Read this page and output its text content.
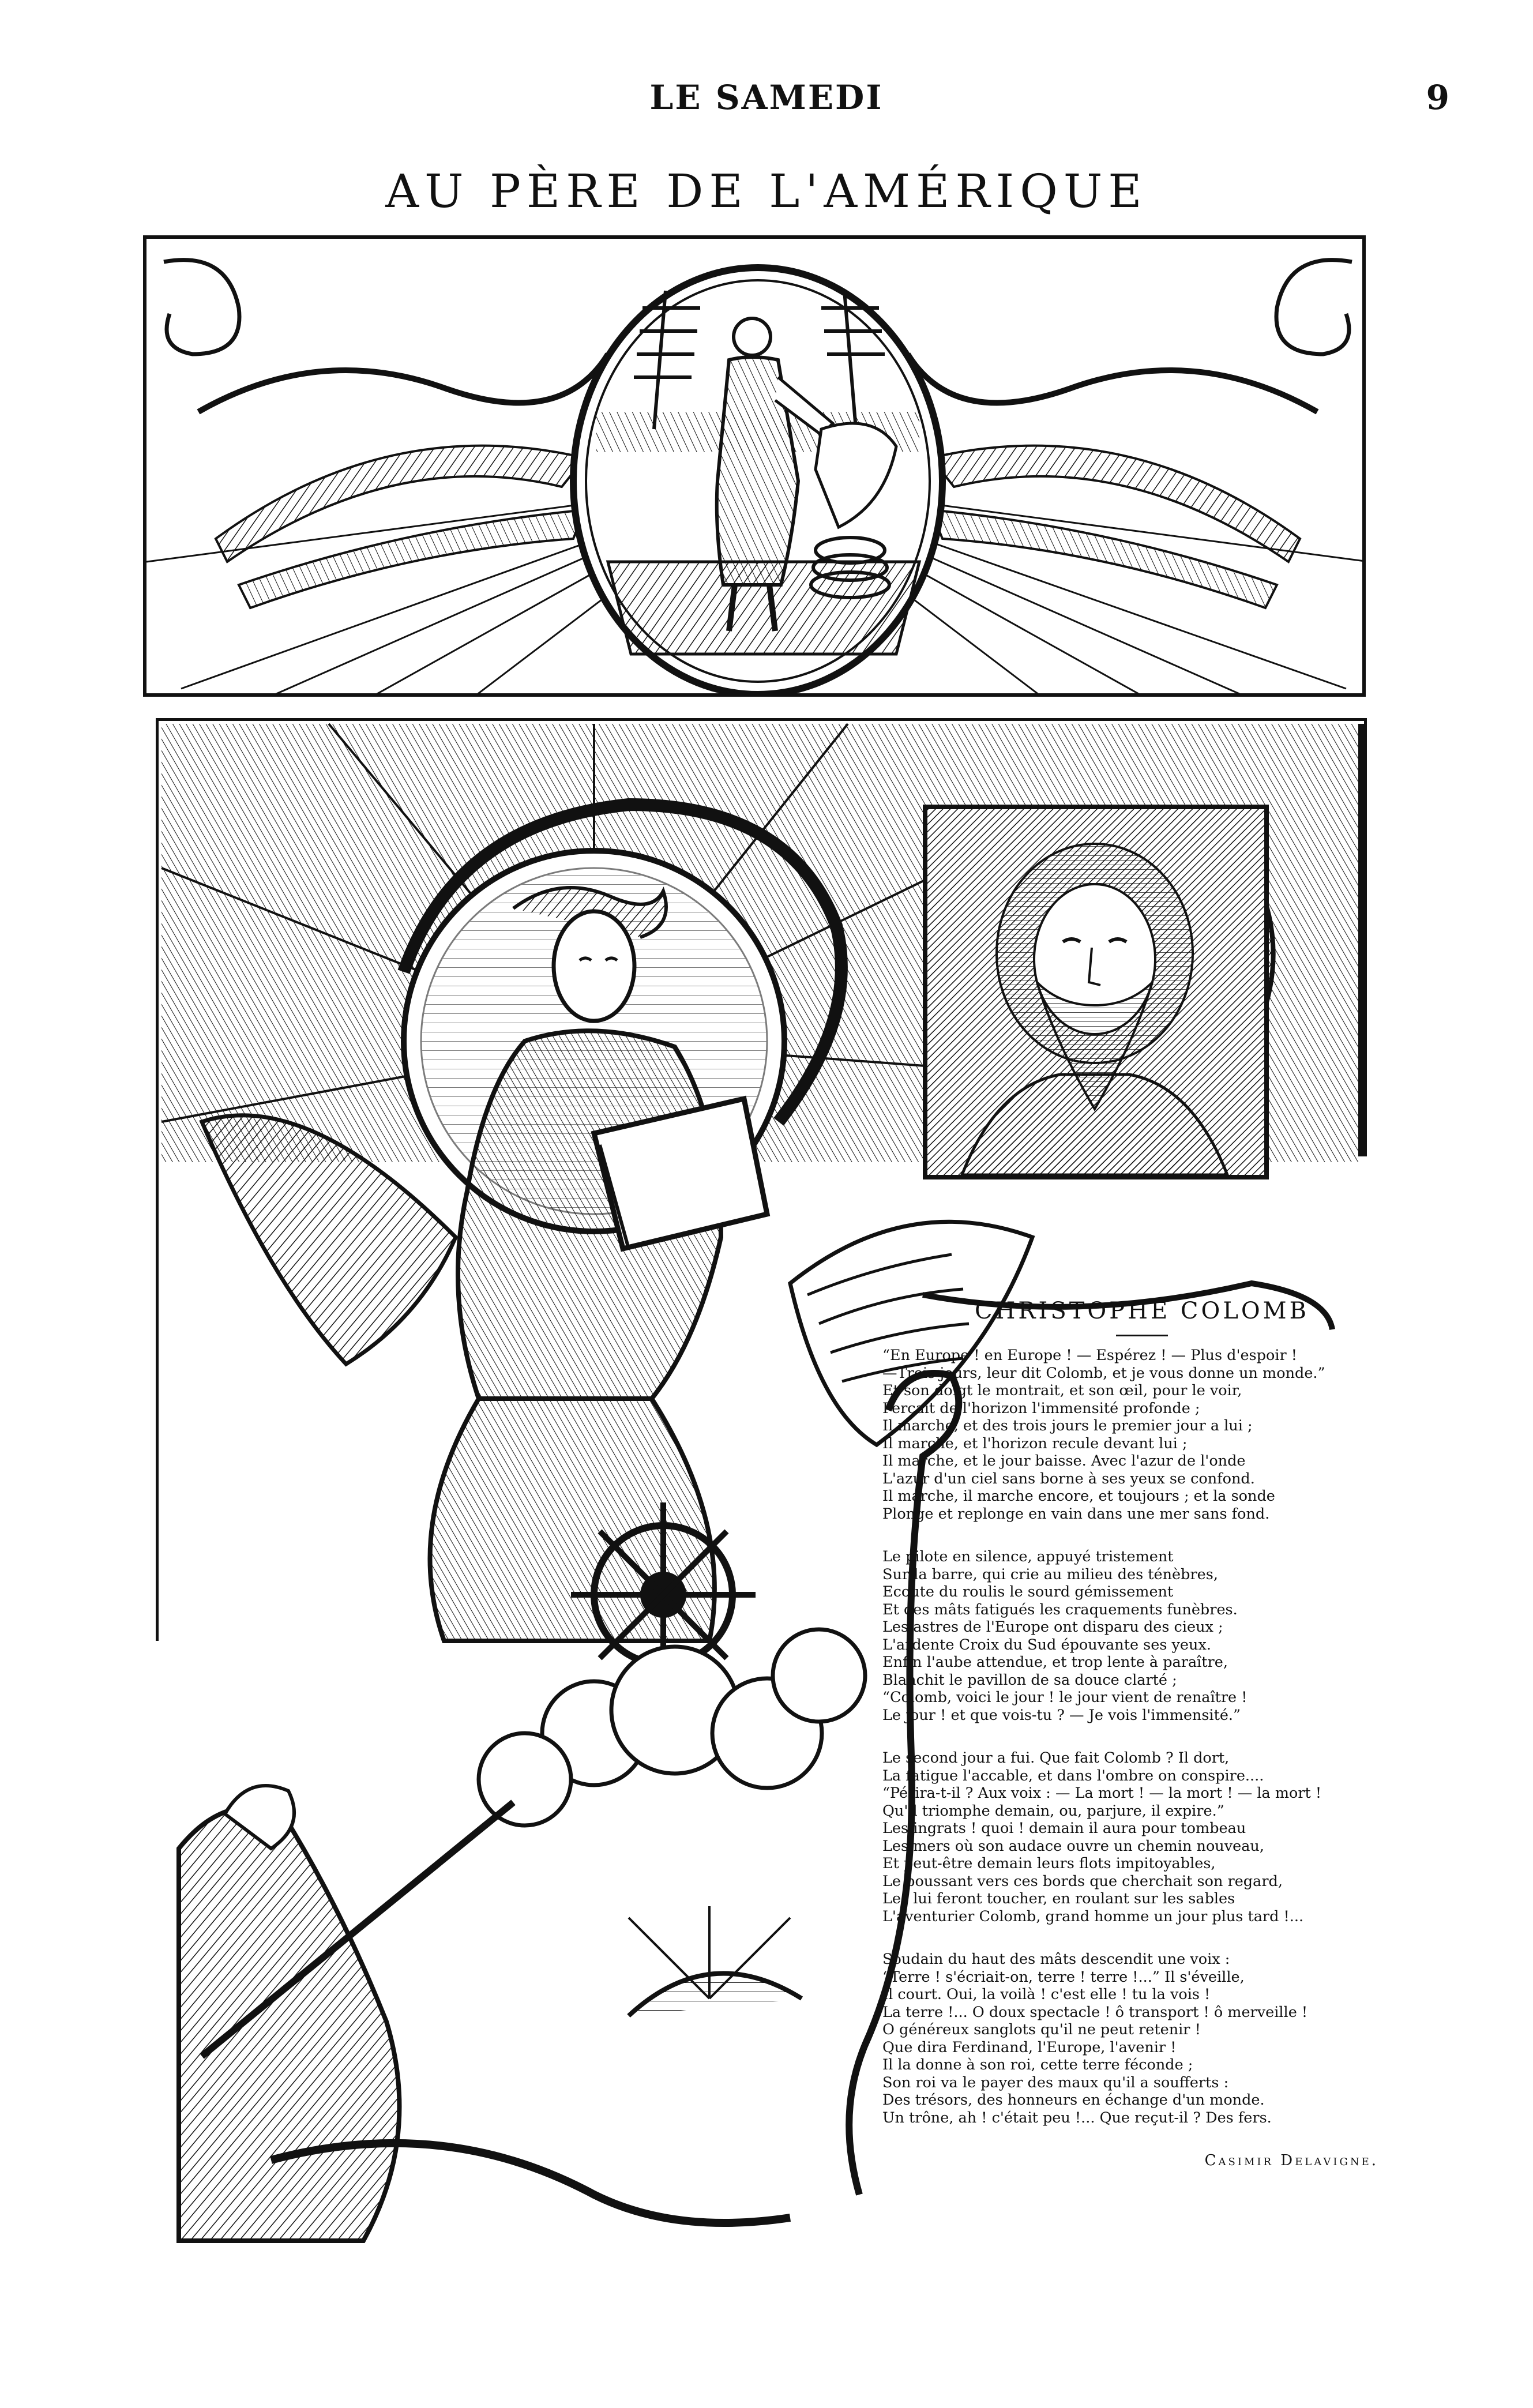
LE SAMEDI	9
AU PÈRE DE L'AMÉRIQUE
CHRISTOPHE COLOMB
“En Europe ! en Europe ! — Espérez ! — Plus d'espoir !
—Trois jours, leur dit Colomb, et je vous donne un monde.”
Et son doigt le montrait, et son œil, pour le voir,
Perçait de l'horizon l'immensité profonde ;
Il marche, et des trois jours le premier jour a lui ;
Il marche, et l'horizon recule devant lui ;
Il marche, et le jour baisse. Avec l'azur de l'onde
L'azur d'un ciel sans borne à ses yeux se confond.
Il marche, il marche encore, et toujours ; et la sonde
Plonge et replonge en vain dans une mer sans fond.
Le pilote en silence, appuyé tristement
Sur la barre, qui crie au milieu des ténèbres,
Ecoute du roulis le sourd gémissement
Et des mâts fatigués les craquements funèbres.
Les astres de l'Europe ont disparu des cieux ;
L'ardente Croix du Sud épouvante ses yeux.
Enfin l'aube attendue, et trop lente à paraître,
Blanchit le pavillon de sa douce clarté ;
“Colomb, voici le jour ! le jour vient de renaître !
Le jour ! et que vois-tu ? — Je vois l'immensité.”
Le second jour a fui. Que fait Colomb ? Il dort,
La fatigue l'accable, et dans l'ombre on conspire....
“Périra-t-il ? Aux voix : — La mort ! — la mort ! — la mort !
Qu'il triomphe demain, ou, parjure, il expire.”
Les ingrats ! quoi ! demain il aura pour tombeau
Les mers où son audace ouvre un chemin nouveau,
Et peut-être demain leurs flots impitoyables,
Le poussant vers ces bords que cherchait son regard,
Les lui feront toucher, en roulant sur les sables
L'aventurier Colomb, grand homme un jour plus tard !...
Soudain du haut des mâts descendit une voix :
“Terre ! s'écriait-on, terre ! terre !...” Il s'éveille,
Il court. Oui, la voilà ! c'est elle ! tu la vois !
La terre !... O doux spectacle ! ô transport ! ô merveille !
O généreux sanglots qu'il ne peut retenir !
Que dira Ferdinand, l'Europe, l'avenir !
Il la donne à son roi, cette terre féconde ;
Son roi va le payer des maux qu'il a soufferts :
Des trésors, des honneurs en échange d'un monde.
Un trône, ah ! c'était peu !... Que reçut-il ? Des fers.
Casimir Delavigne.
